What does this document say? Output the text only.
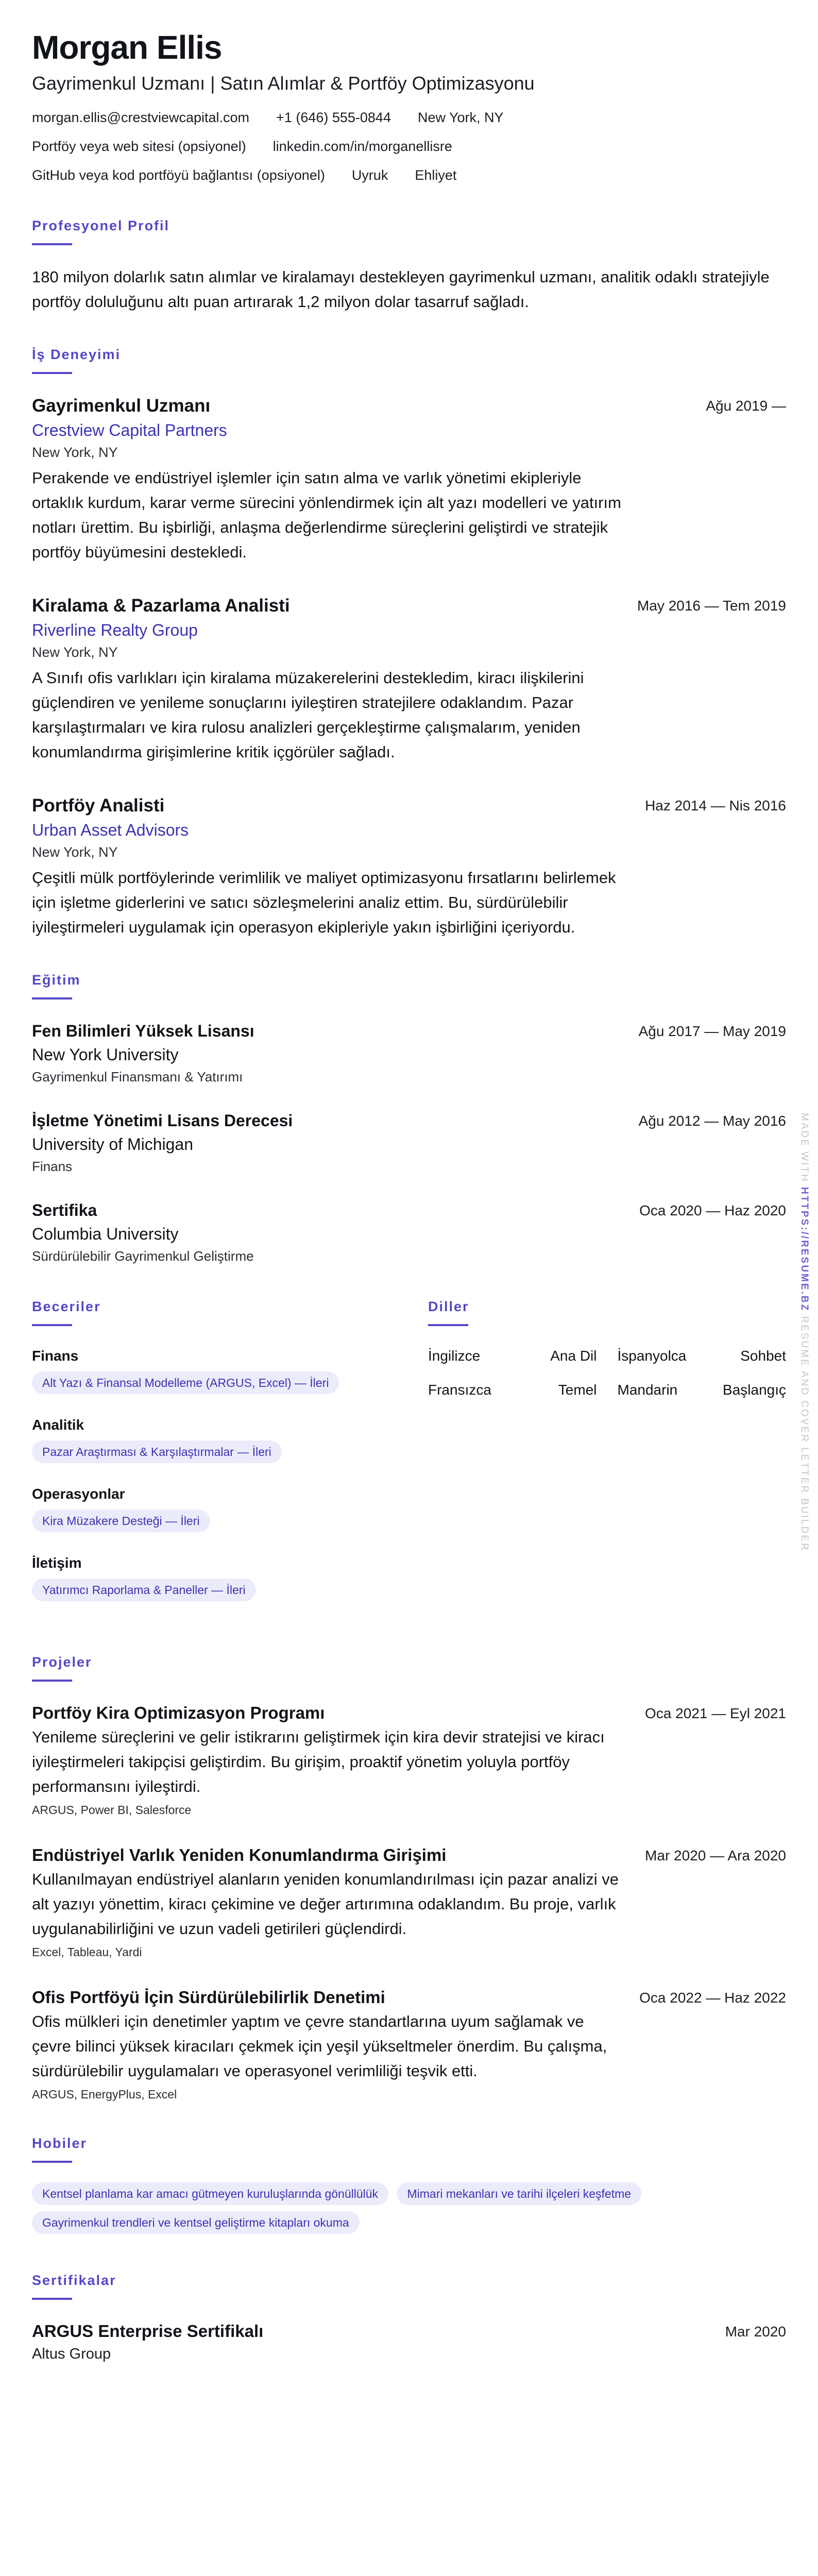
Morgan Ellis
Gayrimenkul Uzmanı | Satın Alımlar & Portföy Optimizasyonu
morgan.ellis@crestviewcapital.com +1 (646) 555-0844 New York, NY
Portföy veya web sitesi (opsiyonel) linkedin.com/in/morganellisre
GitHub veya kod portföyü bağlantısı (opsiyonel) Uyruk Ehliyet
Profesyonel Profil

180 milyon dolarlık satın alımlar ve kiralamayı destekleyen gayrimenkul uzmanı, analitik odaklı stratejiyle portföy doluluğunu altı puan artırarak 1,2 milyon dolar tasarruf sağladı.

İş Deneyimi
Gayrimenkul Uzmanı	Ağu 2019 —
Crestview Capital Partners
New York, NY

Perakende ve endüstriyel işlemler için satın alma ve varlık yönetimi ekipleriyle ortaklık kurdum, karar verme sürecini yönlendirmek için alt yazı modelleri ve yatırım notları ürettim. Bu işbirliği, anlaşma değerlendirme süreçlerini geliştirdi ve stratejik portföy büyümesini destekledi.

Kiralama & Pazarlama Analisti	May 2016 — Tem 2019
Riverline Realty Group
New York, NY

A Sınıfı ofis varlıkları için kiralama müzakerelerini destekledim, kiracı ilişkilerini güçlendiren ve yenileme sonuçlarını iyileştiren stratejilere odaklandım. Pazar karşılaştırmaları ve kira rulosu analizleri gerçekleştirme çalışmalarım, yeniden konumlandırma girişimlerine kritik içgörüler sağladı.

Portföy Analisti	Haz 2014 — Nis 2016
Urban Asset Advisors
New York, NY

Çeşitli mülk portföylerinde verimlilik ve maliyet optimizasyonu fırsatlarını belirlemek için işletme giderlerini ve satıcı sözleşmelerini analiz ettim. Bu, sürdürülebilir iyileştirmeleri uygulamak için operasyon ekipleriyle yakın işbirliğini içeriyordu.

Eğitim
Fen Bilimleri Yüksek Lisansı	Ağu 2017 — May 2019
New York University
Gayrimenkul Finansmanı & Yatırımı
İşletme Yönetimi Lisans Derecesi	Ağu 2012 — May 2016
University of Michigan
Finans
Sertifika	Oca 2020 — Haz 2020
Columbia University
Sürdürülebilir Gayrimenkul Geliştirme
Beceriler
Finans
Alt Yazı & Finansal Modelleme (ARGUS, Excel) — İleri
Analitik
Pazar Araştırması & Karşılaştırmalar — İleri
Operasyonlar
Kira Müzakere Desteği — İleri
İletişim
Yatırımcı Raporlama & Paneller — İleri
Diller
İngilizce	Ana Dil İspanyolca	Sohbet
Fransızca	Temel Mandarin	Başlangıç
Projeler
Portföy Kira Optimizasyon Programı	Oca 2021 — Eyl 2021

Yenileme süreçlerini ve gelir istikrarını geliştirmek için kira devir stratejisi ve kiracı iyileştirmeleri takipçisi geliştirdim. Bu girişim, proaktif yönetim yoluyla portföy performansını iyileştirdi.

ARGUS, Power BI, Salesforce
Endüstriyel Varlık Yeniden Konumlandırma Girişimi	Mar 2020 — Ara 2020

Kullanılmayan endüstriyel alanların yeniden konumlandırılması için pazar analizi ve alt yazıyı yönettim, kiracı çekimine ve değer artırımına odaklandım. Bu proje, varlık uygulanabilirliğini ve uzun vadeli getirileri güçlendirdi.

Excel, Tableau, Yardi
Ofis Portföyü İçin Sürdürülebilirlik Denetimi	Oca 2022 — Haz 2022

Ofis mülkleri için denetimler yaptım ve çevre standartlarına uyum sağlamak ve çevre bilinci yüksek kiracıları çekmek için yeşil yükseltmeler önerdim. Bu çalışma, sürdürülebilir uygulamaları ve operasyonel verimliliği teşvik etti.

ARGUS, EnergyPlus, Excel
Hobiler
Kentsel planlama kar amacı gütmeyen kuruluşlarında gönüllülük Mimari mekanları ve tarihi ilçeleri keşfetme Gayrimenkul trendleri ve kentsel geliştirme kitapları okuma
Sertifikalar
ARGUS Enterprise Sertifikalı	Mar 2020
Altus Group
MADE WITH HTTPS://RESUME.BZ RESUME AND COVER LETTER BUILDER
